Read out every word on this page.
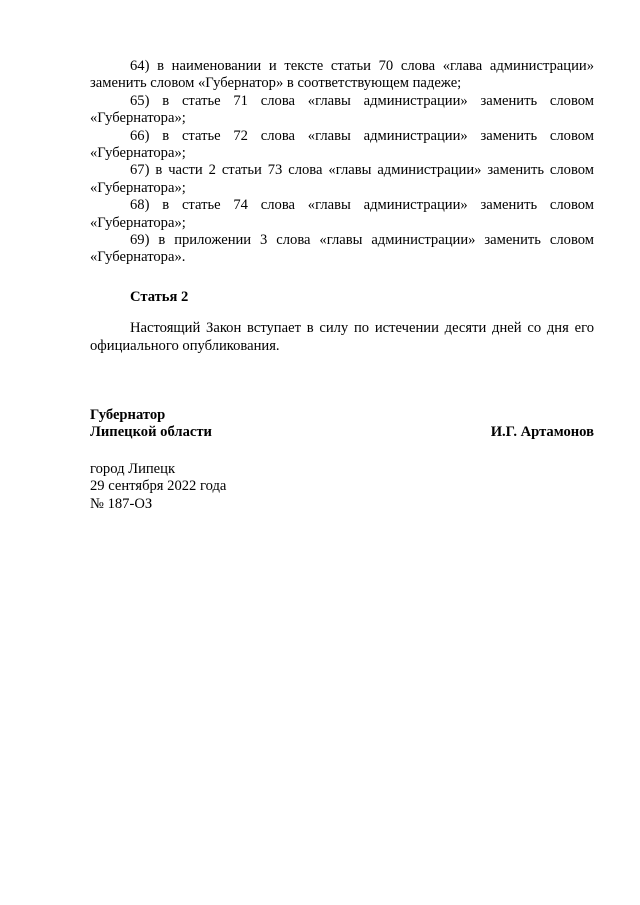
64) в наименовании и тексте статьи 70 слова «глава администрации» заменить словом «Губернатор» в соответствующем падеже;

65) в статье 71 слова «главы администрации» заменить словом «Губернатора»;

66) в статье 72 слова «главы администрации» заменить словом «Губернатора»;

67) в части 2 статьи 73 слова «главы администрации» заменить словом «Губернатора»;

68) в статье 74 слова «главы администрации» заменить словом «Губернатора»;

69) в приложении 3 слова «главы администрации» заменить словом «Губернатора».

Статья 2

Настоящий Закон вступает в силу по истечении десяти дней со дня его официального опубликования.

Губернатор
Липецкой области	И.Г. Артамонов
город Липецк
29 сентября 2022 года
№ 187-ОЗ
